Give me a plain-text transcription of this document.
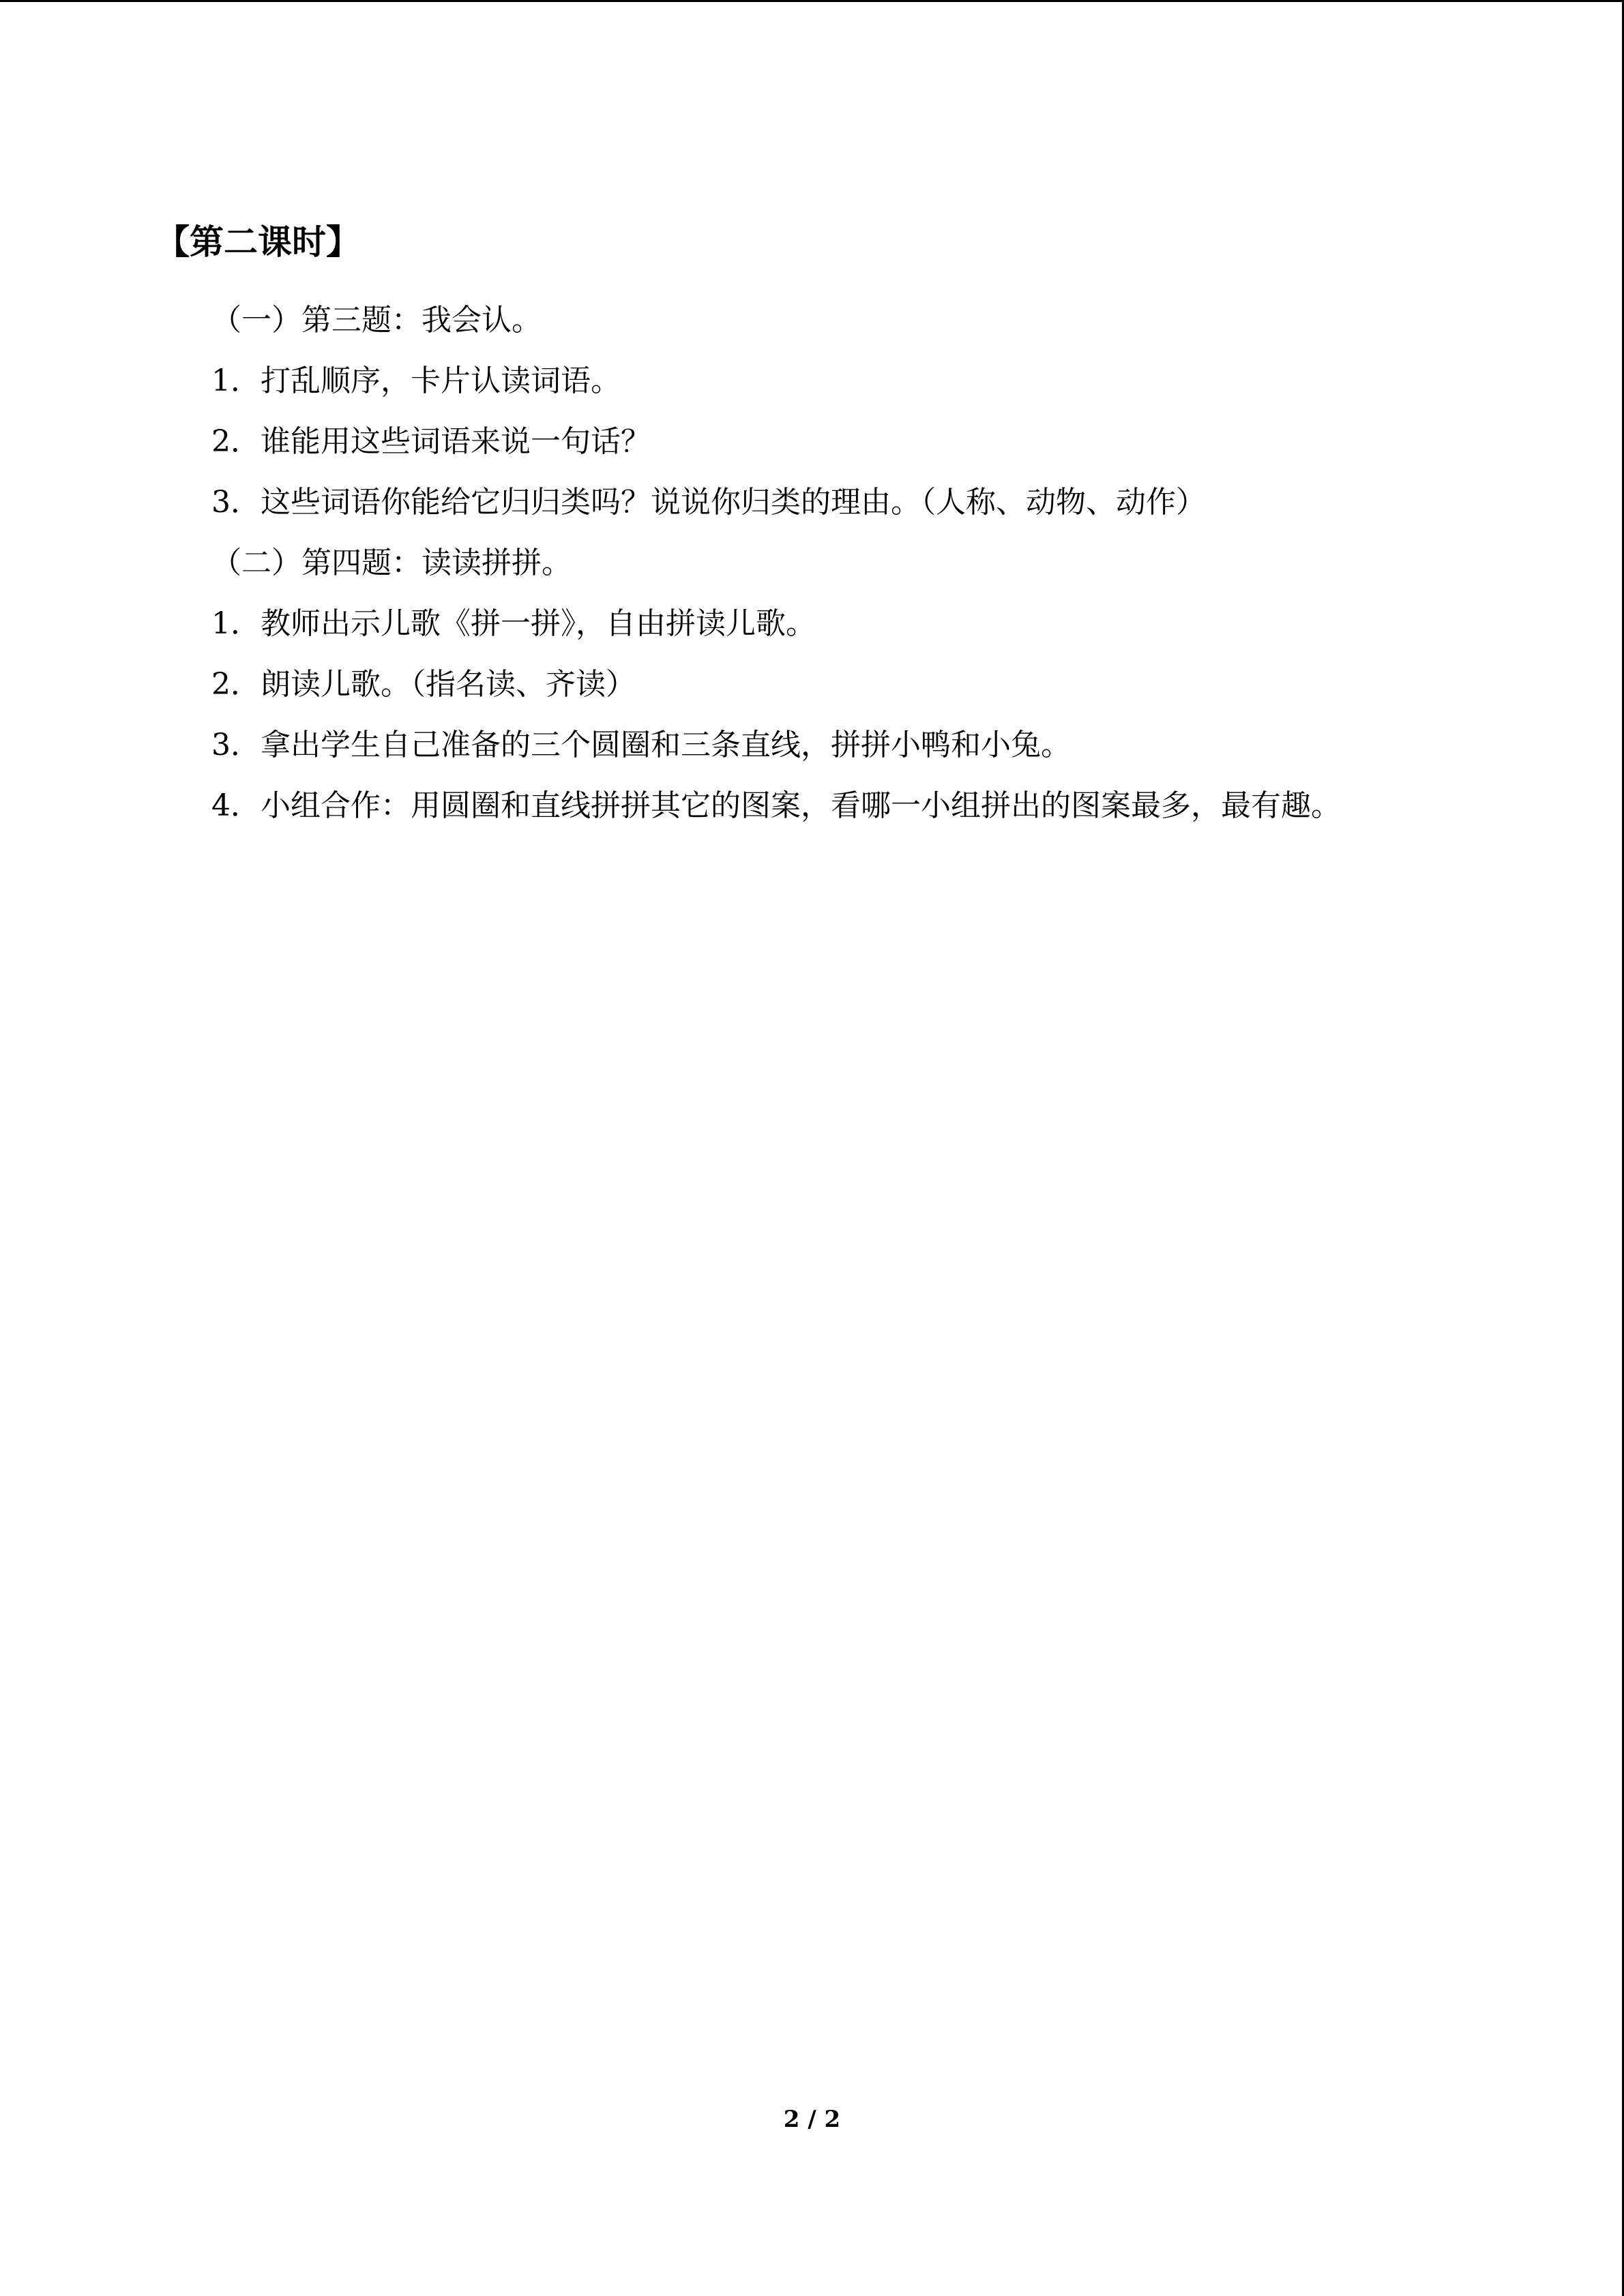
【第二课时】
（一）第三题：我会认。
1．打乱顺序，卡片认读词语。
2．谁能用这些词语来说一句话？
3．这些词语你能给它归归类吗？说说你归类的理由。（人称、动物、动作）
（二）第四题：读读拼拼。
1．教师出示儿歌《拼一拼》，自由拼读儿歌。
2．朗读儿歌。（指名读、齐读）
3．拿出学生自己准备的三个圆圈和三条直线，拼拼小鸭和小兔。
4．小组合作：用圆圈和直线拼拼其它的图案，看哪一小组拼出的图案最多，最有趣。
2 / 2
